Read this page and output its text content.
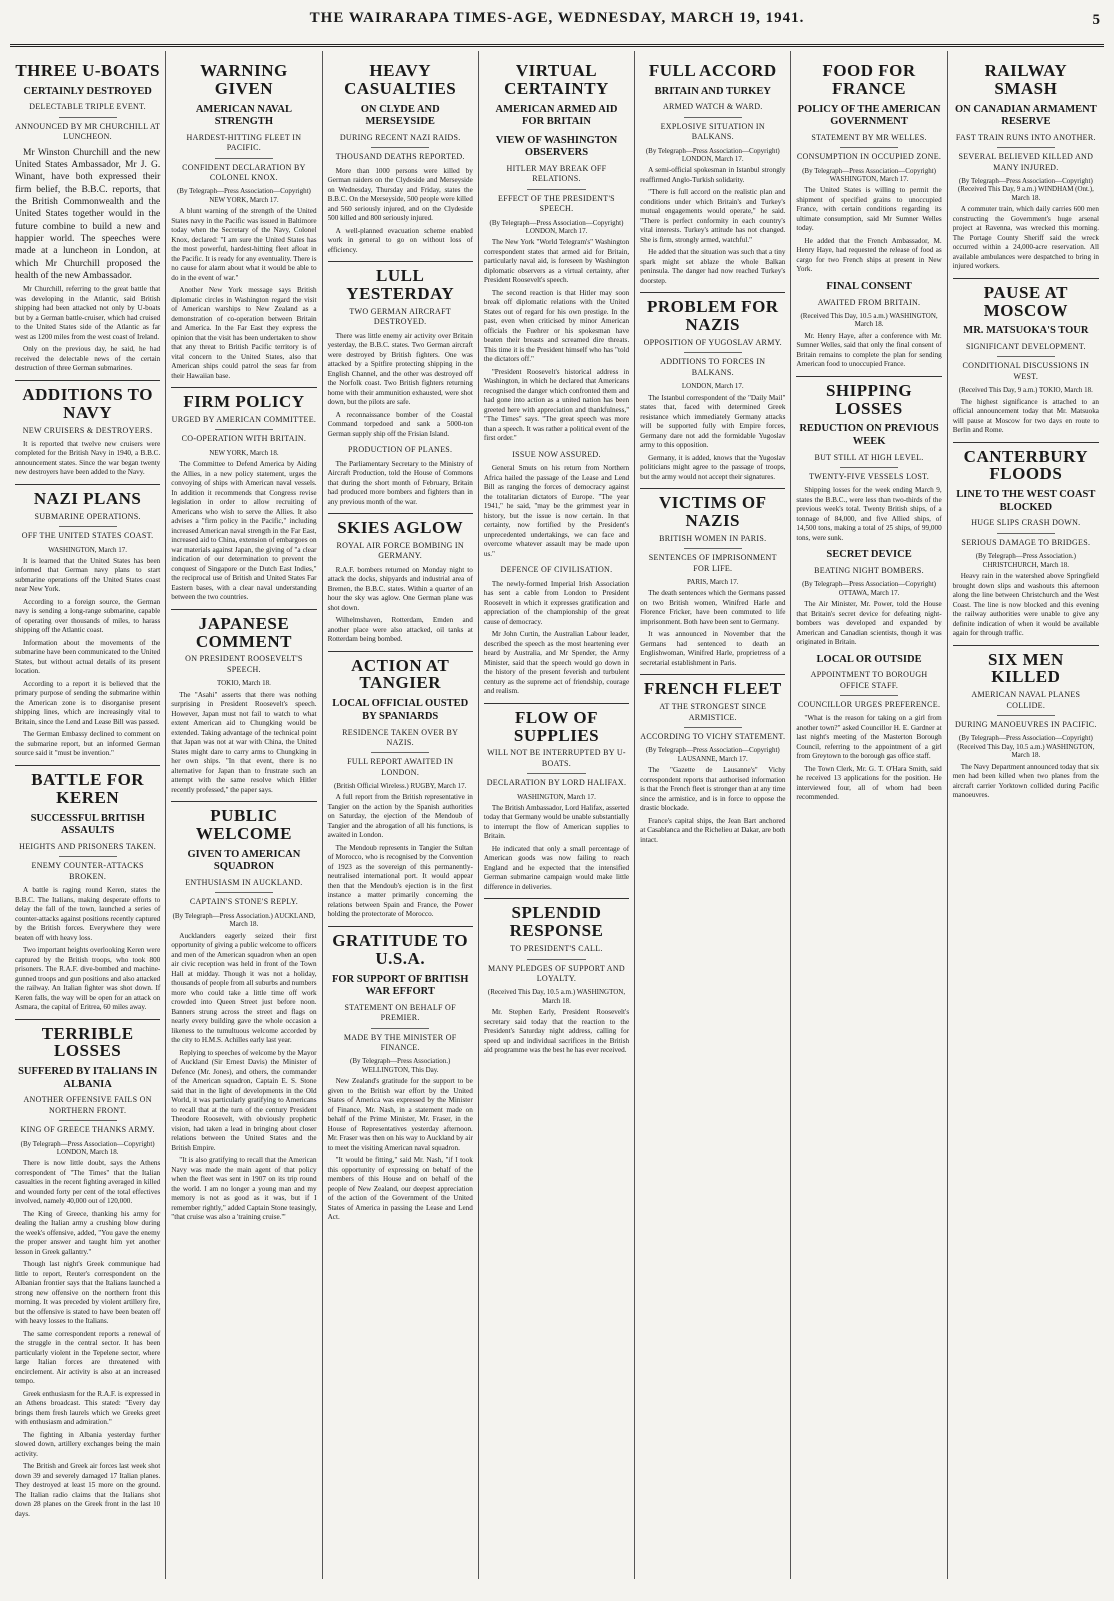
THE WAIRARAPA TIMES-AGE, WEDNESDAY, MARCH 19, 1941.	5
THREE U-BOATS
CERTAINLY DESTROYED
DELECTABLE TRIPLE EVENT.
ANNOUNCED BY MR CHURCHILL AT LUNCHEON.

Mr Winston Churchill and the new United States Ambassador, Mr J. G. Winant, have both expressed their firm belief, the B.B.C. reports, that the British Commonwealth and the United States together would in the future combine to build a new and happier world. The speeches were made at a luncheon in London, at which Mr Churchill proposed the health of the new Ambassador.

Mr Churchill, referring to the great battle that was developing in the Atlantic, said British shipping had been attacked not only by U-boats but by a German battle-cruiser, which had cruised to the United States side of the Atlantic as far west as 1200 miles from the west coast of Ireland.

Only on the previous day, he said, he had received the delectable news of the certain destruction of three German submarines.

ADDITIONS TO NAVY
NEW CRUISERS & DESTROYERS.

It is reported that twelve new cruisers were completed for the British Navy in 1940, a B.B.C. announcement states. Since the war began twenty new destroyers have been added to the Navy.

NAZI PLANS
SUBMARINE OPERATIONS.
OFF THE UNITED STATES COAST.
WASHINGTON, March 17.

It is learned that the United States has been informed that German navy plans to start submarine operations off the United States coast near New York.

According to a foreign source, the German navy is sending a long-range submarine, capable of operating over thousands of miles, to harass shipping off the Atlantic coast.

Information about the movements of the submarine have been communicated to the United States, but without actual details of its present location.

According to a report it is believed that the primary purpose of sending the submarine within the American zone is to disorganise present shipping lines, which are increasingly vital to Britain, since the Lend and Lease Bill was passed.

The German Embassy declined to comment on the submarine report, but an informed German source said it "must be invention."

BATTLE FOR KEREN
SUCCESSFUL BRITISH ASSAULTS
HEIGHTS AND PRISONERS TAKEN.
ENEMY COUNTER-ATTACKS BROKEN.

A battle is raging round Keren, states the B.B.C. The Italians, making desperate efforts to delay the fall of the town, launched a series of counter-attacks against positions recently captured by the British forces. Everywhere they were beaten off with heavy loss.

Two important heights overlooking Keren were captured by the British troops, who took 800 prisoners. The R.A.F. dive-bombed and machine-gunned troops and gun positions and also attacked the railway. An Italian fighter was shot down. If Keren falls, the way will be open for an attack on Asmara, the capital of Eritrea, 60 miles away.

TERRIBLE LOSSES
SUFFERED BY ITALIANS IN ALBANIA
ANOTHER OFFENSIVE FAILS ON NORTHERN FRONT.
KING OF GREECE THANKS ARMY.
(By Telegraph—Press Association—Copyright) LONDON, March 18.

There is now little doubt, says the Athens correspondent of "The Times" that the Italian casualties in the recent fighting averaged in killed and wounded forty per cent of the total effectives involved, namely 40,000 out of 120,000.

The King of Greece, thanking his army for dealing the Italian army a crushing blow during the week's offensive, added, "You gave the enemy the proper answer and taught him yet another lesson in Greek gallantry."

Though last night's Greek communique had little to report, Reuter's correspondent on the Albanian frontier says that the Italians launched a strong new offensive on the northern front this morning. It was preceded by violent artillery fire, but the offensive is stated to have been beaten off with heavy losses to the Italians.

The same correspondent reports a renewal of the struggle in the central sector. It has been particularly violent in the Tepelene sector, where large Italian forces are threatened with encirclement. Air activity is also at an increased tempo.

Greek enthusiasm for the R.A.F. is expressed in an Athens broadcast. This stated: "Every day brings them fresh laurels which we Greeks greet with enthusiasm and admiration."

The fighting in Albania yesterday further slowed down, artillery exchanges being the main activity.

The British and Greek air forces last week shot down 39 and severely damaged 17 Italian planes. They destroyed at least 15 more on the ground. The Italian radio claims that the Italians shot down 28 planes on the Greek front in the last 10 days.

WARNING GIVEN
AMERICAN NAVAL STRENGTH
HARDEST-HITTING FLEET IN PACIFIC.
CONFIDENT DECLARATION BY COLONEL KNOX.
(By Telegraph—Press Association—Copyright) NEW YORK, March 17.

A blunt warning of the strength of the United States navy in the Pacific was issued in Baltimore today when the Secretary of the Navy, Colonel Knox, declared: "I am sure the United States has the most powerful, hardest-hitting fleet afloat in the Pacific. It is ready for any eventuality. There is no cause for alarm about what it would be able to do in the event of war."

Another New York message says British diplomatic circles in Washington regard the visit of American warships to New Zealand as a demonstration of co-operation between Britain and America. In the Far East they express the opinion that the visit has been undertaken to show that any threat to British Pacific territory is of vital concern to the United States, also that American ships could patrol the seas far from their Hawaiian base.

FIRM POLICY
URGED BY AMERICAN COMMITTEE.
CO-OPERATION WITH BRITAIN.
NEW YORK, March 18.

The Committee to Defend America by Aiding the Allies, in a new policy statement, urges the convoying of ships with American naval vessels. In addition it recommends that Congress revise legislation in order to allow recruiting of Americans who wish to serve the Allies. It also advises a "firm policy in the Pacific," including increased American naval strength in the Far East, increased aid to China, extension of embargoes on war materials against Japan, the giving of "a clear indication of our determination to prevent the conquest of Singapore or the Dutch East Indies," the reciprocal use of British and United States Far Eastern bases, with a clear naval understanding between the two countries.

JAPANESE COMMENT
ON PRESIDENT ROOSEVELT'S SPEECH.
TOKIO, March 18.

The "Asahi" asserts that there was nothing surprising in President Roosevelt's speech. However, Japan must not fail to watch to what extent American aid to Chungking would be extended. Taking advantage of the technical point that Japan was not at war with China, the United States might dare to carry arms to Chungking in her own ships. "In that event, there is no alternative for Japan than to frustrate such an attempt with the same resolve which Hitler recently professed," the paper says.

PUBLIC WELCOME
GIVEN TO AMERICAN SQUADRON
ENTHUSIASM IN AUCKLAND.
CAPTAIN'S STONE'S REPLY.
(By Telegraph—Press Association.) AUCKLAND, March 18.

Aucklanders eagerly seized their first opportunity of giving a public welcome to officers and men of the American squadron when an open air civic reception was held in front of the Town Hall at midday. Though it was not a holiday, thousands of people from all suburbs and numbers more who could take a little time off work crowded into Queen Street just before noon. Banners strung across the street and flags on nearly every building gave the whole occasion a likeness to the tumultuous welcome accorded by the city to H.M.S. Achilles early last year.

Replying to speeches of welcome by the Mayor of Auckland (Sir Ernest Davis) the Minister of Defence (Mr. Jones), and others, the commander of the American squadron, Captain E. S. Stone said that in the light of developments in the Old World, it was particularly gratifying to Americans to recall that at the turn of the century President Theodore Roosevelt, with obviously prophetic vision, had taken a lead in bringing about closer relations between the United States and the British Empire.

"It is also gratifying to recall that the American Navy was made the main agent of that policy when the fleet was sent in 1907 on its trip round the world. I am no longer a young man and my memory is not as good as it was, but if I remember rightly," added Captain Stone teasingly, "that cruise was also a 'training cruise.'"

HEAVY CASUALTIES
ON CLYDE AND MERSEYSIDE
DURING RECENT NAZI RAIDS.
THOUSAND DEATHS REPORTED.

More than 1000 persons were killed by German raiders on the Clydeside and Merseyside on Wednesday, Thursday and Friday, states the B.B.C. On the Merseyside, 500 people were killed and 560 seriously injured, and on the Clydeside 500 killed and 800 seriously injured.

A well-planned evacuation scheme enabled work in general to go on without loss of efficiency.

LULL YESTERDAY
TWO GERMAN AIRCRAFT DESTROYED.

There was little enemy air activity over Britain yesterday, the B.B.C. states. Two German aircraft were destroyed by British fighters. One was attacked by a Spitfire protecting shipping in the English Channel, and the other was destroyed off the Norfolk coast. Two British fighters returning home with their ammunition exhausted, were shot down, but the pilots are safe.

A reconnaissance bomber of the Coastal Command torpedoed and sank a 5000-ton German supply ship off the Frisian Island.

PRODUCTION OF PLANES.

The Parliamentary Secretary to the Ministry of Aircraft Production, told the House of Commons that during the short month of February, Britain had produced more bombers and fighters than in any previous month of the war.

SKIES AGLOW
ROYAL AIR FORCE BOMBING IN GERMANY.

R.A.F. bombers returned on Monday night to attack the docks, shipyards and industrial area of Bremen, the B.B.C. states. Within a quarter of an hour the sky was aglow. One German plane was shot down.

Wilhelmshaven, Rotterdam, Emden and another place were also attacked, oil tanks at Rotterdam being bombed.

ACTION AT TANGIER
LOCAL OFFICIAL OUSTED BY SPANIARDS
RESIDENCE TAKEN OVER BY NAZIS.
FULL REPORT AWAITED IN LONDON.
(British Official Wireless.) RUGBY, March 17.

A full report from the British representative in Tangier on the action by the Spanish authorities on Saturday, the ejection of the Mendoub of Tangier and the abrogation of all his functions, is awaited in London.

The Mendoub represents in Tangier the Sultan of Morocco, who is recognised by the Convention of 1923 as the sovereign of this permanently-neutralised international port. It would appear then that the Mendoub's ejection is in the first instance a matter primarily concerning the relations between Spain and France, the Power holding the protectorate of Morocco.

GRATITUDE TO U.S.A.
FOR SUPPORT OF BRITISH WAR EFFORT
STATEMENT ON BEHALF OF PREMIER.
MADE BY THE MINISTER OF FINANCE.
(By Telegraph—Press Association.) WELLINGTON, This Day.

New Zealand's gratitude for the support to be given to the British war effort by the United States of America was expressed by the Minister of Finance, Mr. Nash, in a statement made on behalf of the Prime Minister, Mr. Fraser, in the House of Representatives yesterday afternoon. Mr. Fraser was then on his way to Auckland by air to meet the visiting American naval squadron.

"It would be fitting," said Mr. Nash, "if I took this opportunity of expressing on behalf of the members of this House and on behalf of the people of New Zealand, our deepest appreciation of the action of the Government of the United States of America in passing the Lease and Lend Act.

VIRTUAL CERTAINTY
AMERICAN ARMED AID FOR BRITAIN
VIEW OF WASHINGTON OBSERVERS
HITLER MAY BREAK OFF RELATIONS.
EFFECT OF THE PRESIDENT'S SPEECH.
(By Telegraph—Press Association—Copyright) LONDON, March 17.

The New York "World Telegram's" Washington correspondent states that armed aid for Britain, particularly naval aid, is foreseen by Washington diplomatic observers as a virtual certainty, after President Roosevelt's speech.

The second reaction is that Hitler may soon break off diplomatic relations with the United States out of regard for his own prestige. In the past, even when criticised by minor American officials the Fuehrer or his spokesman have beaten their breasts and screamed dire threats. This time it is the President himself who has "told the dictators off."

"President Roosevelt's historical address in Washington, in which he declared that Americans recognised the danger which confronted them and had gone into action as a united nation has been greeted here with appreciation and thankfulness," "The Times" says. "The great speech was more than a speech. It was rather a political event of the first order."

ISSUE NOW ASSURED.

General Smuts on his return from Northern Africa hailed the passage of the Lease and Lend Bill as ranging the forces of democracy against the totalitarian dictators of Europe. "The year 1941," he said, "may be the grimmest year in history, but the issue is now certain. In that certainty, now fortified by the President's unprecedented undertakings, we can face and overcome whatever assault may be made upon us."

DEFENCE OF CIVILISATION.

The newly-formed Imperial Irish Association has sent a cable from London to President Roosevelt in which it expresses gratification and appreciation of the championship of the great cause of democracy.

Mr John Curtin, the Australian Labour leader, described the speech as the most heartening ever heard by Australia, and Mr Spender, the Army Minister, said that the speech would go down in the history of the present feverish and turbulent century as the supreme act of friendship, courage and realism.

FLOW OF SUPPLIES
WILL NOT BE INTERRUPTED BY U-BOATS.
DECLARATION BY LORD HALIFAX.
WASHINGTON, March 17.

The British Ambassador, Lord Halifax, asserted today that Germany would be unable substantially to interrupt the flow of American supplies to Britain.

He indicated that only a small percentage of American goods was now failing to reach England and he expected that the intensified German submarine campaign would make little difference in deliveries.

SPLENDID RESPONSE
TO PRESIDENT'S CALL.
MANY PLEDGES OF SUPPORT AND LOYALTY.
(Received This Day, 10.5 a.m.) WASHINGTON, March 18.

Mr. Stephen Early, President Roosevelt's secretary said today that the reaction to the President's Saturday night address, calling for speed up and individual sacrifices in the British aid programme was the best he has ever received.

FULL ACCORD
BRITAIN AND TURKEY
ARMED WATCH & WARD.
EXPLOSIVE SITUATION IN BALKANS.
(By Telegraph—Press Association—Copyright) LONDON, March 17.

A semi-official spokesman in Istanbul strongly reaffirmed Anglo-Turkish solidarity.

"There is full accord on the realistic plan and conditions under which Britain's and Turkey's mutual engagements would operate," he said. "There is perfect conformity in each country's vital interests. Turkey's attitude has not changed. She is firm, strongly armed, watchful."

He added that the situation was such that a tiny spark might set ablaze the whole Balkan peninsula. The danger had now reached Turkey's doorstep.

PROBLEM FOR NAZIS
OPPOSITION OF YUGOSLAV ARMY.
ADDITIONS TO FORCES IN BALKANS.
LONDON, March 17.

The Istanbul correspondent of the "Daily Mail" states that, faced with determined Greek resistance which immediately Germany attacks will be supported fully with Empire forces, Germany dare not add the formidable Yugoslav army to this opposition.

Germany, it is added, knows that the Yugoslav politicians might agree to the passage of troops, but the army would not accept their signatures.

VICTIMS OF NAZIS
BRITISH WOMEN IN PARIS.
SENTENCES OF IMPRISONMENT FOR LIFE.
PARIS, March 17.

The death sentences which the Germans passed on two British women, Winifred Harle and Florence Fricker, have been commuted to life imprisonment. Both have been sent to Germany.

It was announced in November that the Germans had sentenced to death an Englishwoman, Winifred Harle, proprietress of a secretarial establishment in Paris.

FRENCH FLEET
AT THE STRONGEST SINCE ARMISTICE.
ACCORDING TO VICHY STATEMENT.
(By Telegraph—Press Association—Copyright) LAUSANNE, March 17.

The "Gazette de Lausanne's" Vichy correspondent reports that authorised information is that the French fleet is stronger than at any time since the armistice, and is in force to oppose the drastic blockade.

France's capital ships, the Jean Bart anchored at Casablanca and the Richelieu at Dakar, are both intact.

FOOD FOR FRANCE
POLICY OF THE AMERICAN GOVERNMENT
STATEMENT BY MR WELLES.
CONSUMPTION IN OCCUPIED ZONE.
(By Telegraph—Press Association—Copyright) WASHINGTON, March 17.

The United States is willing to permit the shipment of specified grains to unoccupied France, with certain conditions regarding its ultimate consumption, said Mr Sumner Welles today.

He added that the French Ambassador, M. Henry Haye, had requested the release of food as cargo for two French ships at present in New York.

FINAL CONSENT
AWAITED FROM BRITAIN.
(Received This Day, 10.5 a.m.) WASHINGTON, March 18.

Mr. Henry Haye, after a conference with Mr. Sumner Welles, said that only the final consent of Britain remains to complete the plan for sending American food to unoccupied France.

SHIPPING LOSSES
REDUCTION ON PREVIOUS WEEK
BUT STILL AT HIGH LEVEL.
TWENTY-FIVE VESSELS LOST.

Shipping losses for the week ending March 9, states the B.B.C., were less than two-thirds of the previous week's total. Twenty British ships, of a tonnage of 84,000, and five Allied ships, of 14,500 tons, making a total of 25 ships, of 99,000 tons, were sunk.

SECRET DEVICE
BEATING NIGHT BOMBERS.
(By Telegraph—Press Association—Copyright) OTTAWA, March 17.

The Air Minister, Mr. Power, told the House that Britain's secret device for defeating night-bombers was developed and expanded by American and Canadian scientists, though it was originated in Britain.

LOCAL OR OUTSIDE
APPOINTMENT TO BOROUGH OFFICE STAFF.
COUNCILLOR URGES PREFERENCE.

"What is the reason for taking on a girl from another town?" asked Councillor H. E. Gardner at last night's meeting of the Masterton Borough Council, referring to the appointment of a girl from Greytown to the borough gas office staff.

The Town Clerk, Mr. G. T. O'Hara Smith, said he received 13 applications for the position. He interviewed four, all of whom had been recommended.

RAILWAY SMASH
ON CANADIAN ARMAMENT RESERVE
FAST TRAIN RUNS INTO ANOTHER.
SEVERAL BELIEVED KILLED AND MANY INJURED.
(By Telegraph—Press Association—Copyright) (Received This Day, 9 a.m.) WINDHAM (Ont.), March 18.

A commuter train, which daily carries 600 men constructing the Government's huge arsenal project at Ravenna, was wrecked this morning. The Portage County Sheriff said the wreck occurred within a 24,000-acre reservation. All available ambulances were despatched to bring in injured workers.

PAUSE AT MOSCOW
MR. MATSUOKA'S TOUR
SIGNIFICANT DEVELOPMENT.
CONDITIONAL DISCUSSIONS IN WEST.
(Received This Day, 9 a.m.) TOKIO, March 18.

The highest significance is attached to an official announcement today that Mr. Matsuoka will pause at Moscow for two days en route to Berlin and Rome.

CANTERBURY FLOODS
LINE TO THE WEST COAST BLOCKED
HUGE SLIPS CRASH DOWN.
SERIOUS DAMAGE TO BRIDGES.
(By Telegraph—Press Association.) CHRISTCHURCH, March 18.

Heavy rain in the watershed above Springfield brought down slips and washouts this afternoon along the line between Christchurch and the West Coast. The line is now blocked and this evening the railway authorities were unable to give any definite indication of when it would be available again for through traffic.

SIX MEN KILLED
AMERICAN NAVAL PLANES COLLIDE.
DURING MANOEUVRES IN PACIFIC.
(By Telegraph—Press Association—Copyright) (Received This Day, 10.5 a.m.) WASHINGTON, March 18.

The Navy Department announced today that six men had been killed when two planes from the aircraft carrier Yorktown collided during Pacific manoeuvres.
